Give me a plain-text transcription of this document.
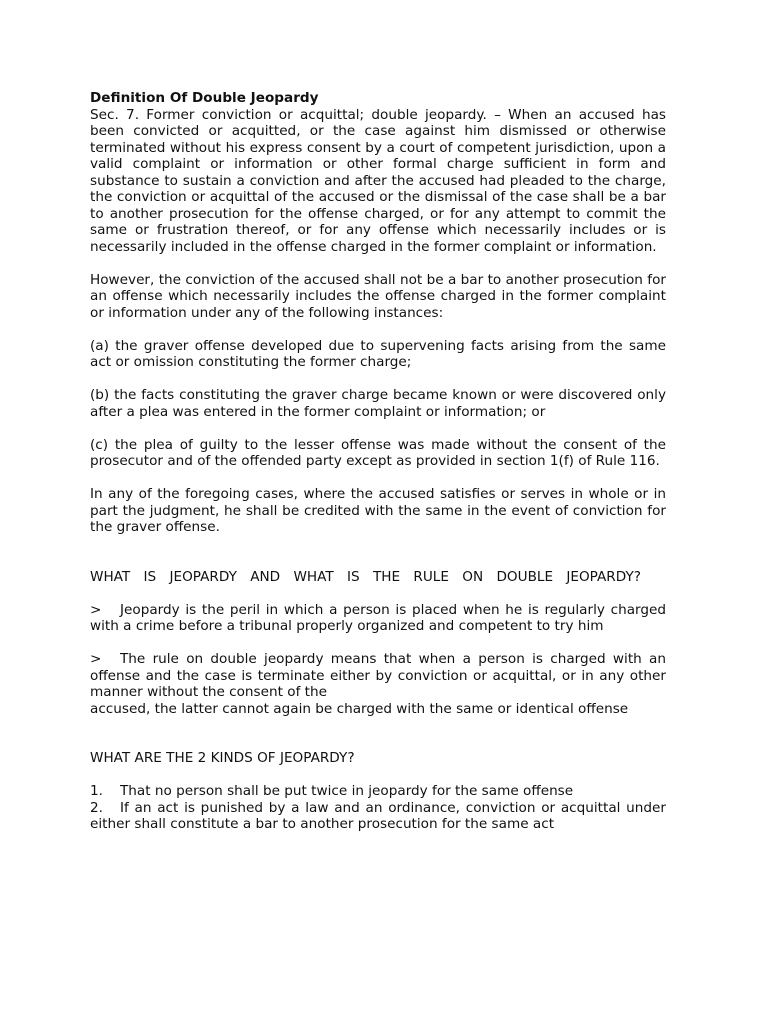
Definition Of Double Jeopardy

Sec. 7. Former conviction or acquittal; double jeopardy. – When an accused has been convicted or acquitted, or the case against him dismissed or otherwise terminated without his express consent by a court of competent jurisdiction, upon a valid complaint or information or other formal charge sufficient in form and substance to sustain a conviction and after the accused had pleaded to the charge, the conviction or acquittal of the accused or the dismissal of the case shall be a bar to another prosecution for the offense charged, or for any attempt to commit the same or frustration thereof, or for any offense which necessarily includes or is necessarily included in the offense charged in the former complaint or information.

However, the conviction of the accused shall not be a bar to another prosecution for an offense which necessarily includes the offense charged in the former complaint or information under any of the following instances:

(a) the graver offense developed due to supervening facts arising from the same act or omission constituting the former charge;

(b) the facts constituting the graver charge became known or were discovered only after a plea was entered in the former complaint or information; or

(c) the plea of guilty to the lesser offense was made without the consent of the prosecutor and of the offended party except as provided in section 1(f) of Rule 116.

In any of the foregoing cases, where the accused satisfies or serves in whole or in part the judgment, he shall be credited with the same in the event of conviction for the graver offense.

WHAT IS JEOPARDY AND WHAT IS THE RULE ON DOUBLE JEOPARDY?

> Jeopardy is the peril in which a person is placed when he is regularly charged with a crime before a tribunal properly organized and competent to try him

> The rule on double jeopardy means that when a person is charged with an offense and the case is terminate either by conviction or acquittal, or in any other manner without the consent of the

accused, the latter cannot again be charged with the same or identical offense

WHAT ARE THE 2 KINDS OF JEOPARDY?

1. That no person shall be put twice in jeopardy for the same offense

2. If an act is punished by a law and an ordinance, conviction or acquittal under either shall constitute a bar to another prosecution for the same act
